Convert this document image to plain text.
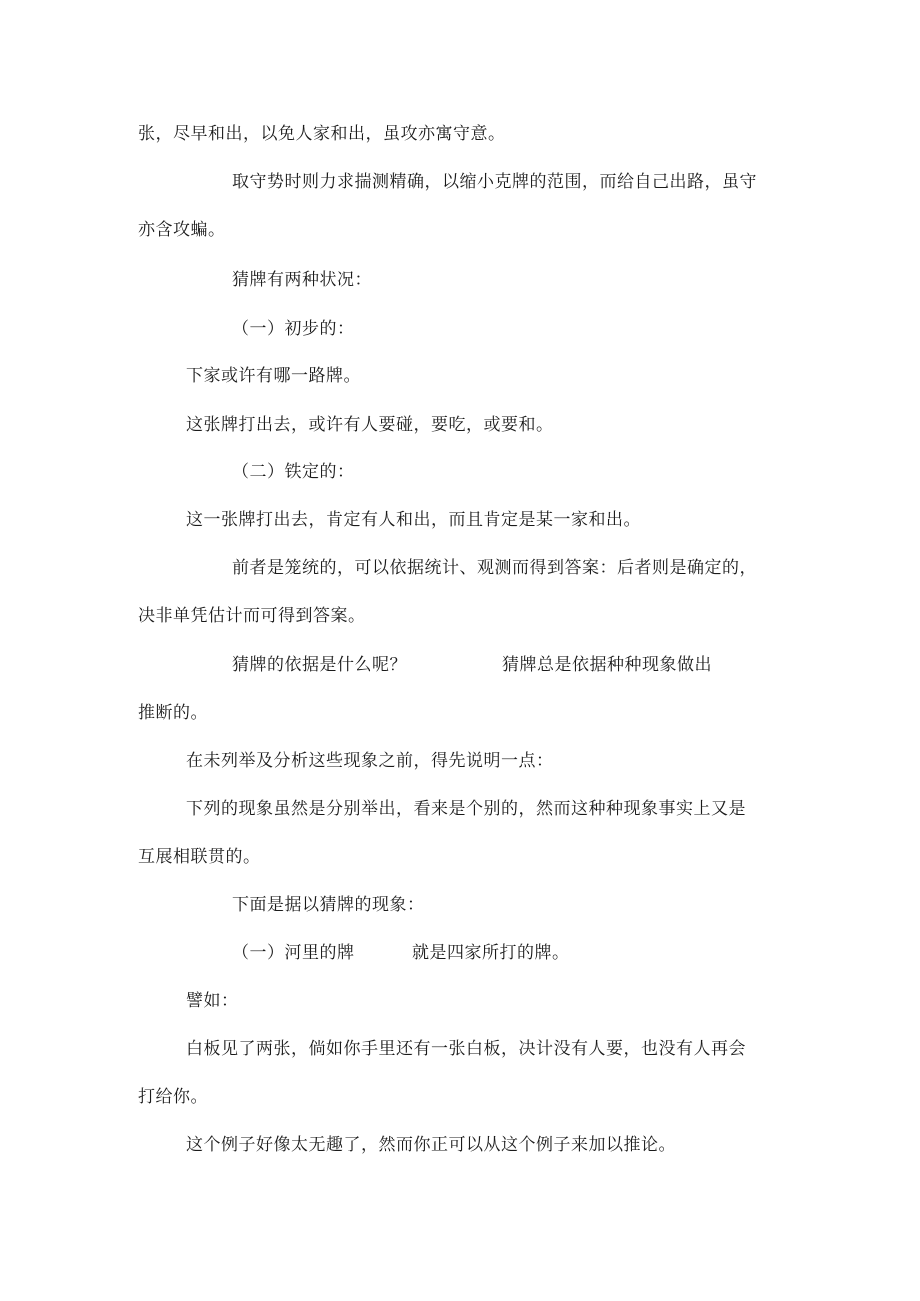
张，尽早和出，以免人家和出，虽攻亦寓守意。
取守势时则力求揣测精确，以缩小克牌的范围，而给自己出路，虽守
亦含攻蝙。
猜牌有两种状况：
（一）初步的：
下家或许有哪一路牌。
这张牌打出去，或许有人要碰，要吃，或要和。
（二）铁定的：
这一张牌打出去，肯定有人和出，而且肯定是某一家和出。
前者是笼统的，可以依据统计、观测而得到答案：后者则是确定的，
决非单凭估计而可得到答案。
猜牌的依据是什么呢？	猜牌总是依据种种现象做出
推断的。
在未列举及分析这些现象之前，得先说明一点：
下列的现象虽然是分别举出，看来是个别的，然而这种种现象事实上又是
互展相联贯的。
下面是据以猜牌的现象：
（一）河里的牌	就是四家所打的牌。
譬如：
白板见了两张，倘如你手里还有一张白板，决计没有人要，也没有人再会
打给你。
这个例子好像太无趣了，然而你正可以从这个例子来加以推论。
